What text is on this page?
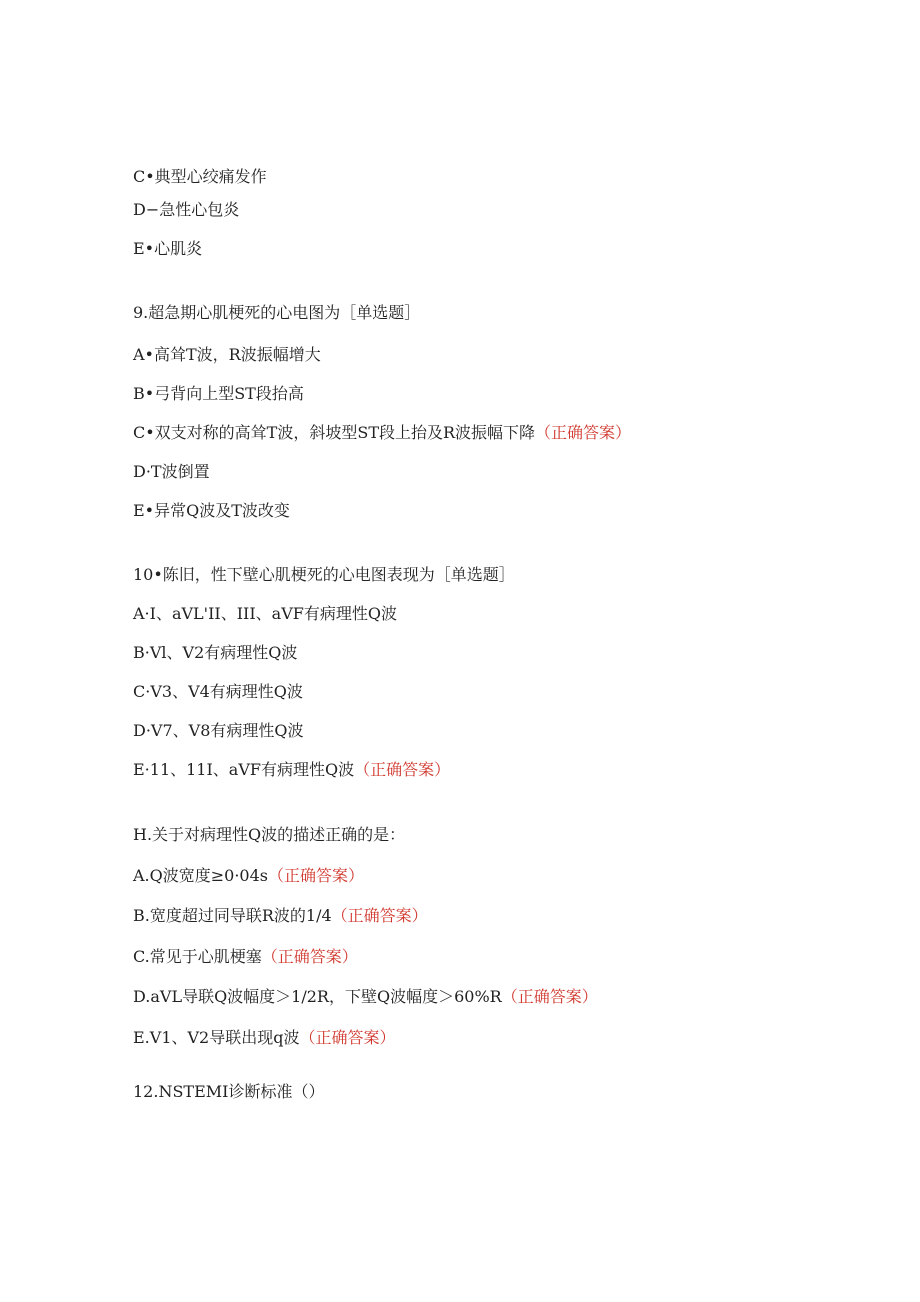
C•典型心绞痛发作
D−急性心包炎
E•心肌炎
9.超急期心肌梗死的心电图为［单选题］
A•高耸T波，R波振幅增大
B•弓背向上型ST段抬高
C•双支对称的高耸T波，斜坡型ST段上抬及R波振幅下降（正确答案）
D·T波倒置
E•异常Q波及T波改变
10•陈旧，性下壁心肌梗死的心电图表现为［单选题］
A·I、aVL'II、III、aVF有病理性Q波
B·Vl、V2有病理性Q波
C·V3、V4有病理性Q波
D·V7、V8有病理性Q波
E·11、11I、aVF有病理性Q波（正确答案）
H.关于对病理性Q波的描述正确的是：
A.Q波宽度≥0·04s（正确答案）
B.宽度超过同导联R波的1/4（正确答案）
C.常见于心肌梗塞（正确答案）
D.aVL导联Q波幅度＞1/2R，下壁Q波幅度＞60%R（正确答案）
E.V1、V2导联出现q波（正确答案）
12.NSTEMI诊断标准（）
